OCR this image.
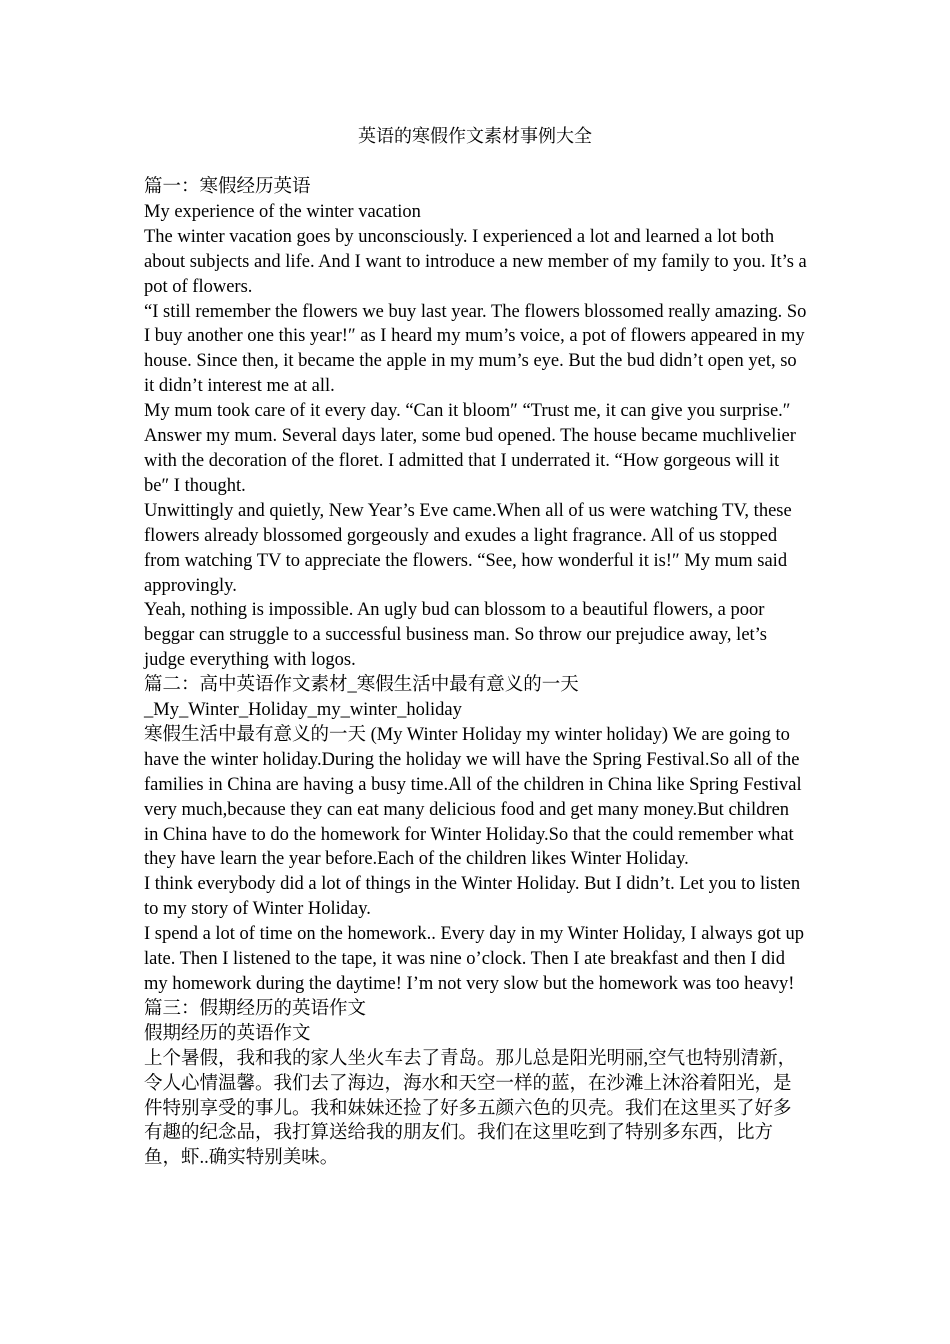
英语的寒假作文素材事例大全

篇一：寒假经历英语

My experience of the winter vacation

The winter vacation goes by unconsciously. I experienced a lot and learned a lot both about subjects and life. And I want to introduce a new member of my family to you. It’s a pot of flowers.

“I still remember the flowers we buy last year. The flowers blossomed really amazing. So I buy another one this year!″ as I heard my mum’s voice, a pot of flowers appeared in my house. Since then, it became the apple in my mum’s eye. But the bud didn’t open yet, so it didn’t interest me at all.

My mum took care of it every day. “Can it bloom″ “Trust me, it can give you surprise.″ Answer my mum. Several days later, some bud opened. The house became muchlivelier with the decoration of the floret. I admitted that I underrated it. “How gorgeous will it be″ I thought.

Unwittingly and quietly, New Year’s Eve came.When all of us were watching TV, these flowers already blossomed gorgeously and exudes a light fragrance. All of us stopped from watching TV to appreciate the flowers. “See, how wonderful it is!″ My mum said approvingly.

Yeah, nothing is impossible. An ugly bud can blossom to a beautiful flowers, a poor beggar can struggle to a successful business man. So throw our prejudice away, let’s judge everything with logos.

篇二：高中英语作文素材_寒假生活中最有意义的一天_My_Winter_Holiday_my_winter_holiday

寒假生活中最有意义的一天 (My Winter Holiday my winter holiday) We are going to have the winter holiday.During the holiday we will have the Spring Festival.So all of the families in China are having a busy time.All of the children in China like Spring Festival very much,because they can eat many delicious food and get many money.But children in China have to do the homework for Winter Holiday.So that the could remember what they have learn the year before.Each of the children likes Winter Holiday.

I think everybody did a lot of things in the Winter Holiday. But I didn’t. Let you to listen to my story of Winter Holiday.

I spend a lot of time on the homework.. Every day in my Winter Holiday, I always got up late. Then I listened to the tape, it was nine o’clock. Then I ate breakfast and then I did my homework during the daytime! I’m not very slow but the homework was too heavy!

篇三：假期经历的英语作文

假期经历的英语作文

上个暑假，我和我的家人坐火车去了青岛。那儿总是阳光明丽,空气也特别清新，令人心情温馨。我们去了海边，海水和天空一样的蓝，在沙滩上沐浴着阳光，是件特别享受的事儿。我和妹妹还捡了好多五颜六色的贝壳。我们在这里买了好多有趣的纪念品，我打算送给我的朋友们。我们在这里吃到了特别多东西，比方鱼，虾..确实特别美味。
